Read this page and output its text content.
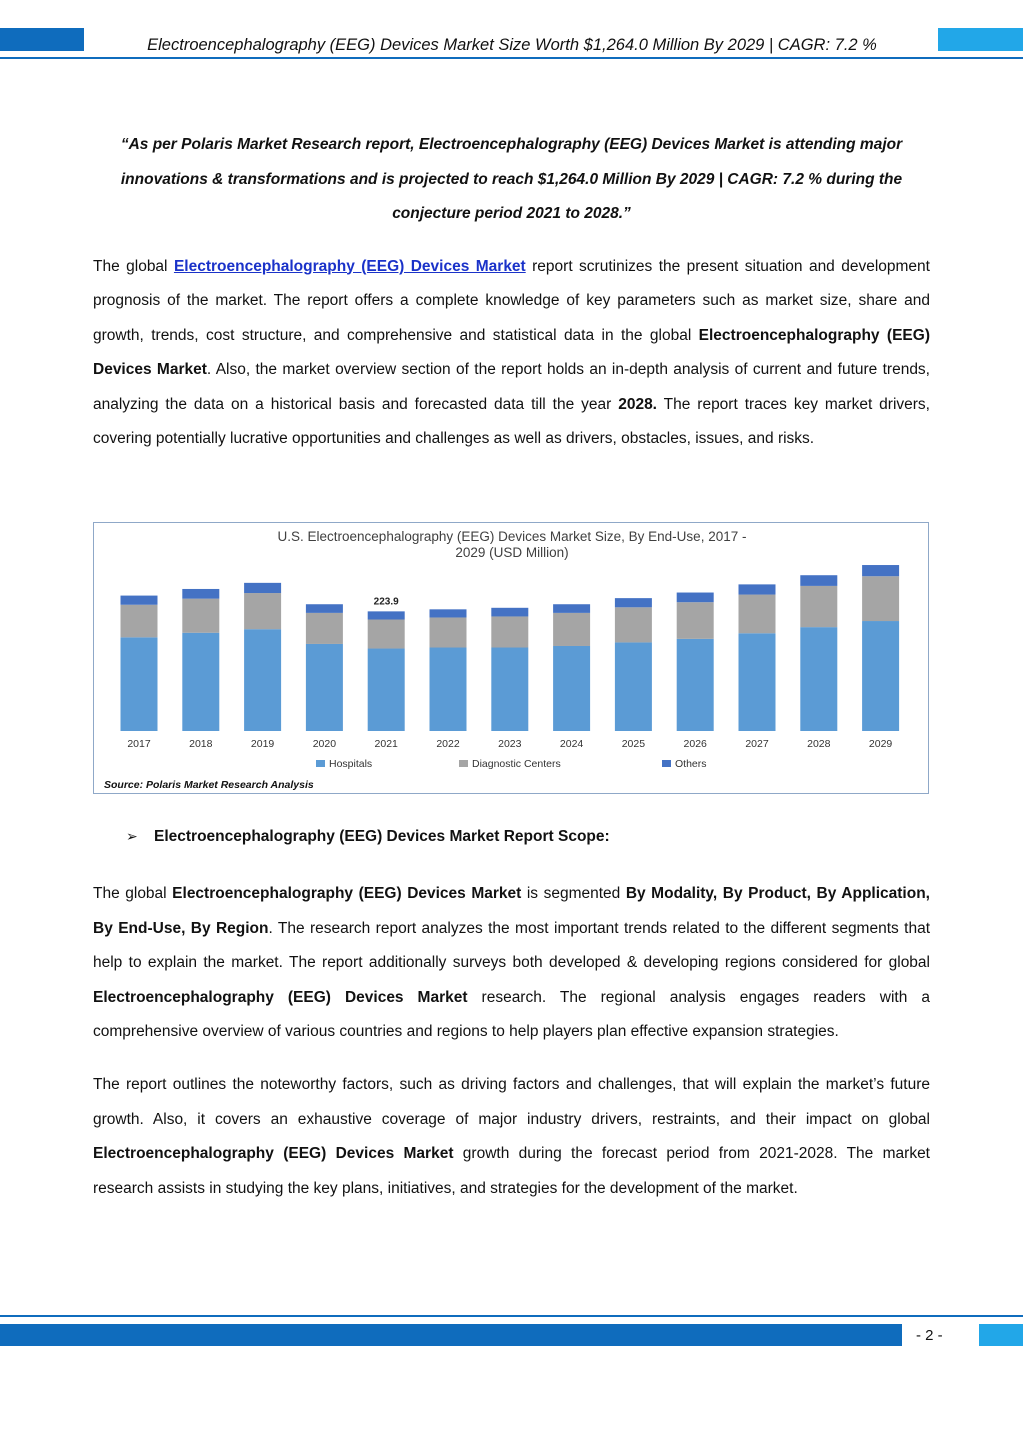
Electroencephalography (EEG) Devices Market Size Worth $1,264.0 Million By 2029 | CAGR: 7.2 %

“As per Polaris Market Research report, Electroencephalography (EEG) Devices Market is attending major innovations & transformations and is projected to reach $1,264.0 Million By 2029 | CAGR: 7.2 % during the conjecture period 2021 to 2028.”

The global Electroencephalography (EEG) Devices Market report scrutinizes the present situation and development prognosis of the market. The report offers a complete knowledge of key parameters such as market size, share and growth, trends, cost structure, and comprehensive and statistical data in the global Electroencephalography (EEG) Devices Market. Also, the market overview section of the report holds an in-depth analysis of current and future trends, analyzing the data on a historical basis and forecasted data till the year 2028. The report traces key market drivers, covering potentially lucrative opportunities and challenges as well as drivers, obstacles, issues, and risks.

U.S. Electroencephalography (EEG) Devices Market Size, By End-Use, 2017 -
2029 (USD Million)
223.9
2017	2018	2019	2020	2021	2022	2023	2024	2025	2026	2027	2028	2029
Hospitals	Diagnostic Centers	Others
Source: Polaris Market Research Analysis
➢ Electroencephalography (EEG) Devices Market Report Scope:

The global Electroencephalography (EEG) Devices Market is segmented By Modality, By Product, By Application, By End-Use, By Region. The research report analyzes the most important trends related to the different segments that help to explain the market. The report additionally surveys both developed & developing regions considered for global Electroencephalography (EEG) Devices Market research. The regional analysis engages readers with a comprehensive overview of various countries and regions to help players plan effective expansion strategies.

The report outlines the noteworthy factors, such as driving factors and challenges, that will explain the market’s future growth. Also, it covers an exhaustive coverage of major industry drivers, restraints, and their impact on global Electroencephalography (EEG) Devices Market growth during the forecast period from 2021-2028. The market research assists in studying the key plans, initiatives, and strategies for the development of the market.

- 2 -
